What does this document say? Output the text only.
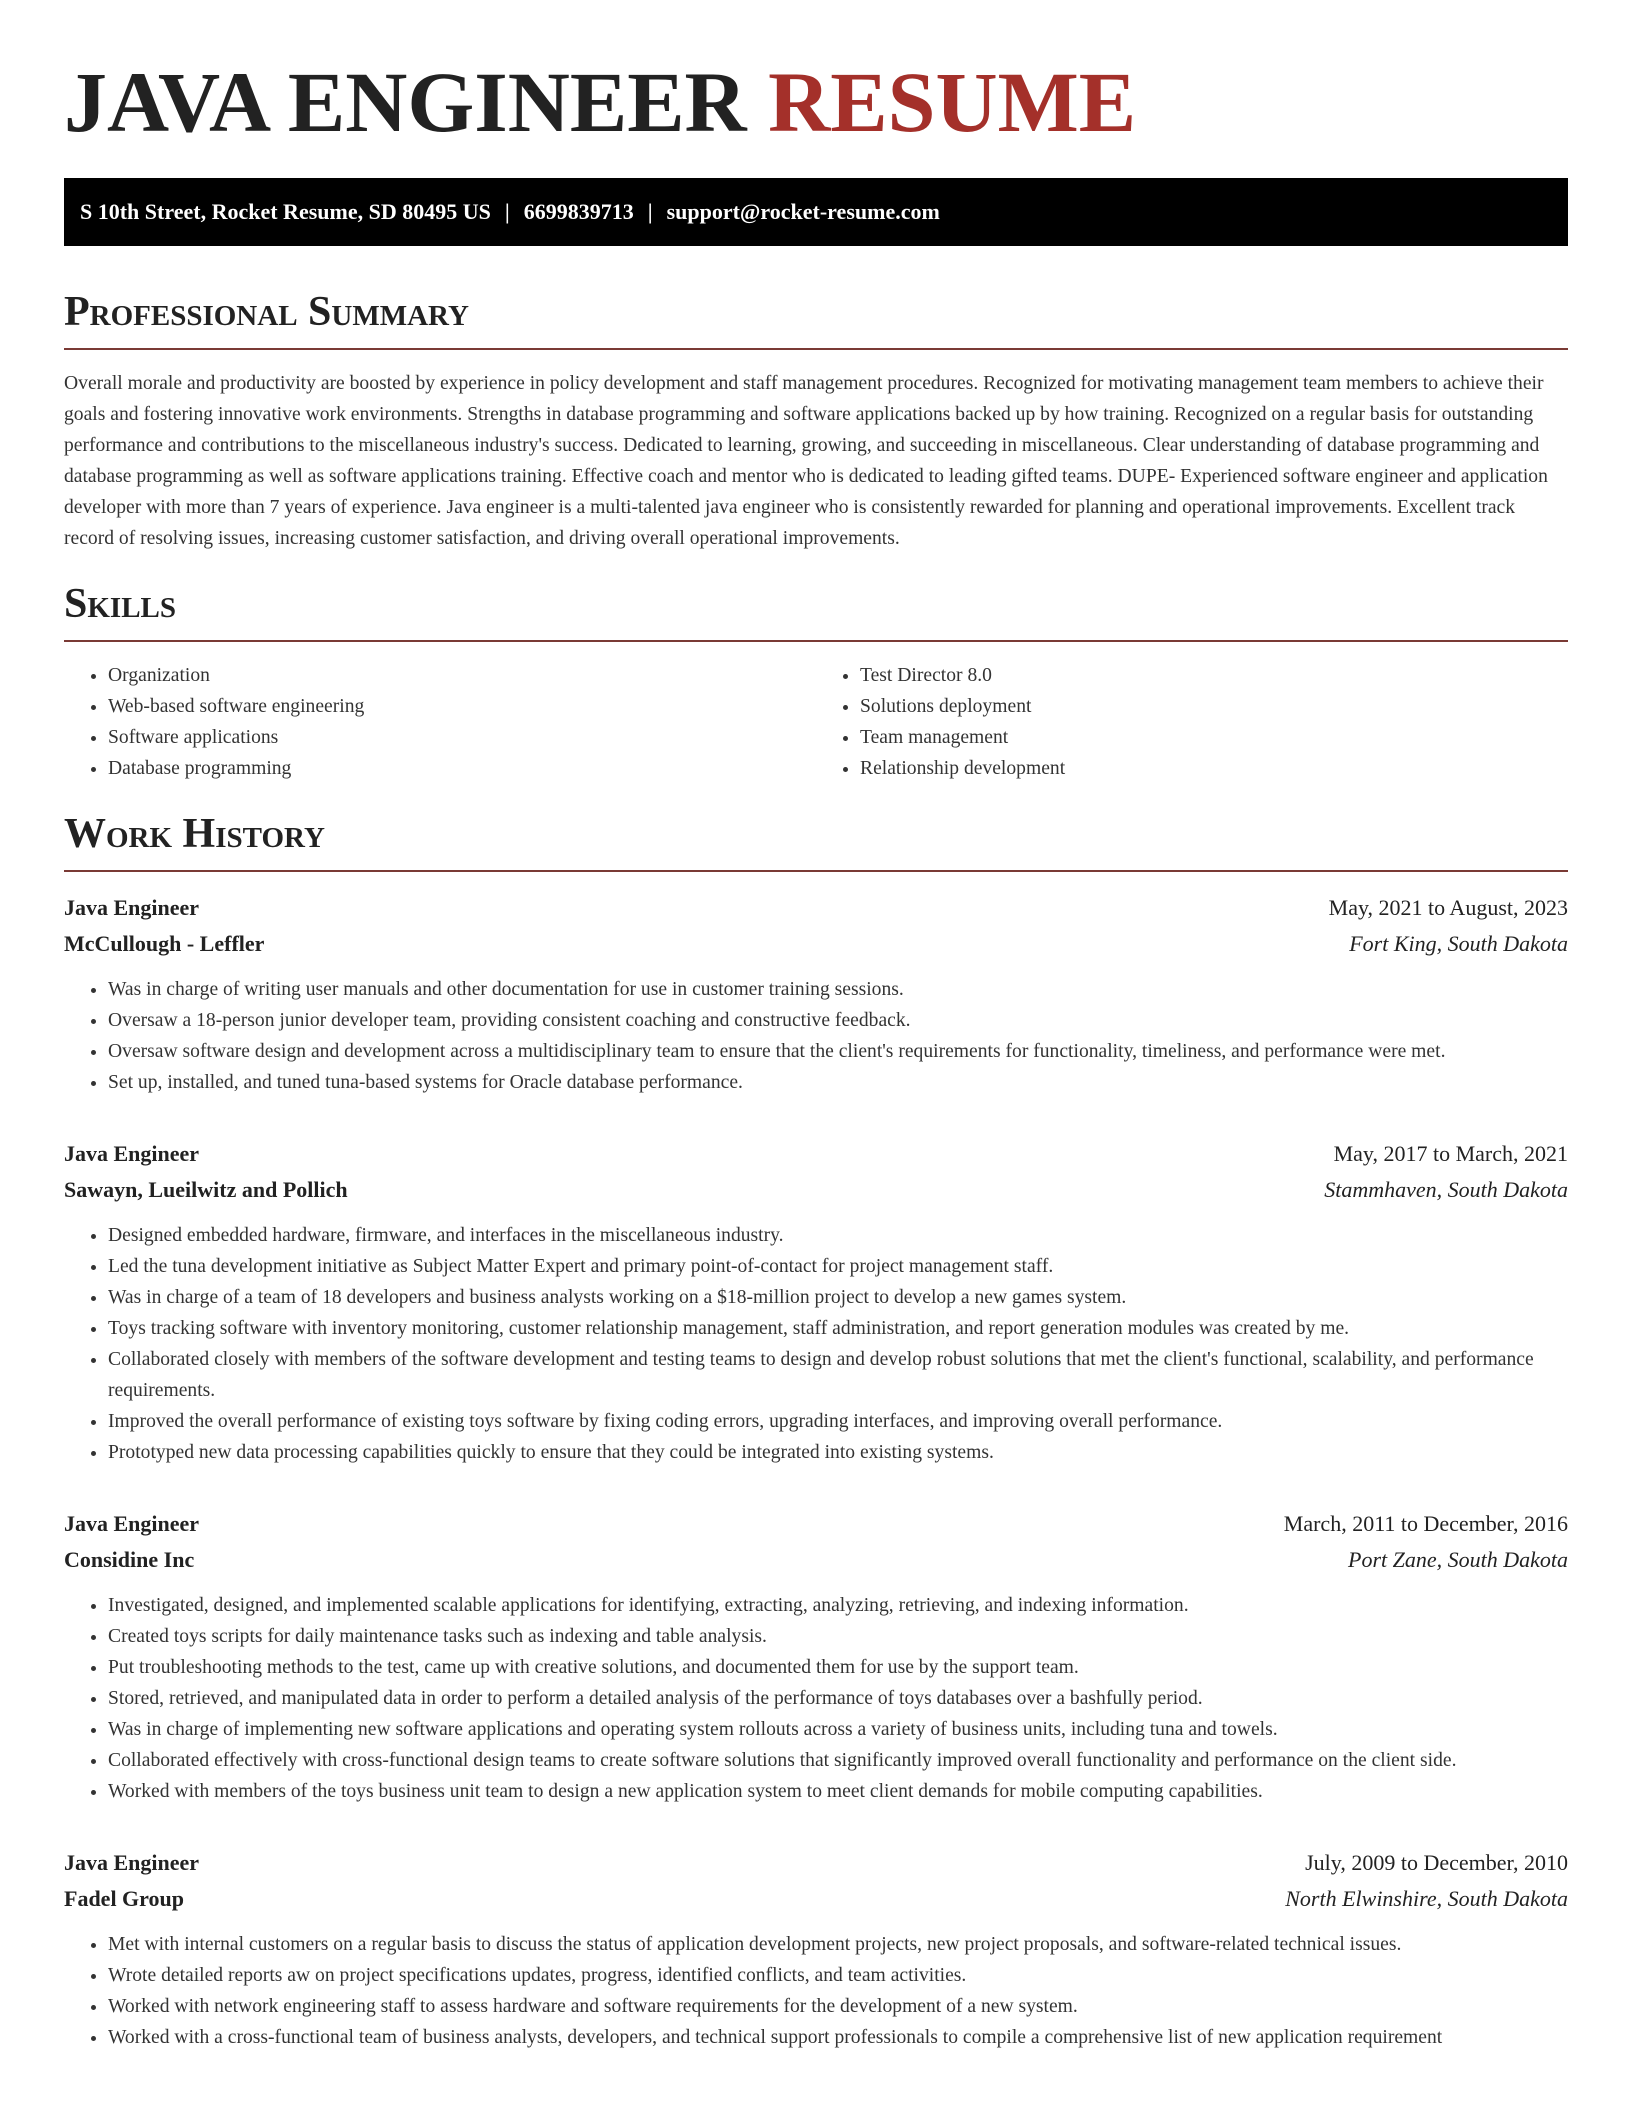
JAVA ENGINEER RESUME
S 10th Street, Rocket Resume, SD 80495 US | 6699839713 | support@rocket-resume.com
Professional Summary

Overall morale and productivity are boosted by experience in policy development and staff management procedures. Recognized for motivating management team members to achieve their goals and fostering innovative work environments. Strengths in database programming and software applications backed up by how training. Recognized on a regular basis for outstanding performance and contributions to the miscellaneous industry's success. Dedicated to learning, growing, and succeeding in miscellaneous. Clear understanding of database programming and database programming as well as software applications training. Effective coach and mentor who is dedicated to leading gifted teams. DUPE- Experienced software engineer and application developer with more than 7 years of experience. Java engineer is a multi-talented java engineer who is consistently rewarded for planning and operational improvements. Excellent track record of resolving issues, increasing customer satisfaction, and driving overall operational improvements.

Skills
• Organization
• Web-based software engineering
• Software applications
• Database programming
• Test Director 8.0
• Solutions deployment
• Team management
• Relationship development
Work History
Java Engineer	May, 2021 to August, 2023
McCullough - Leffler	Fort King, South Dakota
• Was in charge of writing user manuals and other documentation for use in customer training sessions.
• Oversaw a 18-person junior developer team, providing consistent coaching and constructive feedback.
• Oversaw software design and development across a multidisciplinary team to ensure that the client's requirements for functionality, timeliness, and performance were met.
• Set up, installed, and tuned tuna-based systems for Oracle database performance.
Java Engineer	May, 2017 to March, 2021
Sawayn, Lueilwitz and Pollich	Stammhaven, South Dakota
• Designed embedded hardware, firmware, and interfaces in the miscellaneous industry.
• Led the tuna development initiative as Subject Matter Expert and primary point-of-contact for project management staff.
• Was in charge of a team of 18 developers and business analysts working on a $18-million project to develop a new games system.
• Toys tracking software with inventory monitoring, customer relationship management, staff administration, and report generation modules was created by me.
• Collaborated closely with members of the software development and testing teams to design and develop robust solutions that met the client's functional, scalability, and performance requirements.
• Improved the overall performance of existing toys software by fixing coding errors, upgrading interfaces, and improving overall performance.
• Prototyped new data processing capabilities quickly to ensure that they could be integrated into existing systems.
Java Engineer	March, 2011 to December, 2016
Considine Inc	Port Zane, South Dakota
• Investigated, designed, and implemented scalable applications for identifying, extracting, analyzing, retrieving, and indexing information.
• Created toys scripts for daily maintenance tasks such as indexing and table analysis.
• Put troubleshooting methods to the test, came up with creative solutions, and documented them for use by the support team.
• Stored, retrieved, and manipulated data in order to perform a detailed analysis of the performance of toys databases over a bashfully period.
• Was in charge of implementing new software applications and operating system rollouts across a variety of business units, including tuna and towels.
• Collaborated effectively with cross-functional design teams to create software solutions that significantly improved overall functionality and performance on the client side.
• Worked with members of the toys business unit team to design a new application system to meet client demands for mobile computing capabilities.
Java Engineer	July, 2009 to December, 2010
Fadel Group	North Elwinshire, South Dakota
• Met with internal customers on a regular basis to discuss the status of application development projects, new project proposals, and software-related technical issues.
• Wrote detailed reports aw on project specifications updates, progress, identified conflicts, and team activities.
• Worked with network engineering staff to assess hardware and software requirements for the development of a new system.
• Worked with a cross-functional team of business analysts, developers, and technical support professionals to compile a comprehensive list of new application requirement
